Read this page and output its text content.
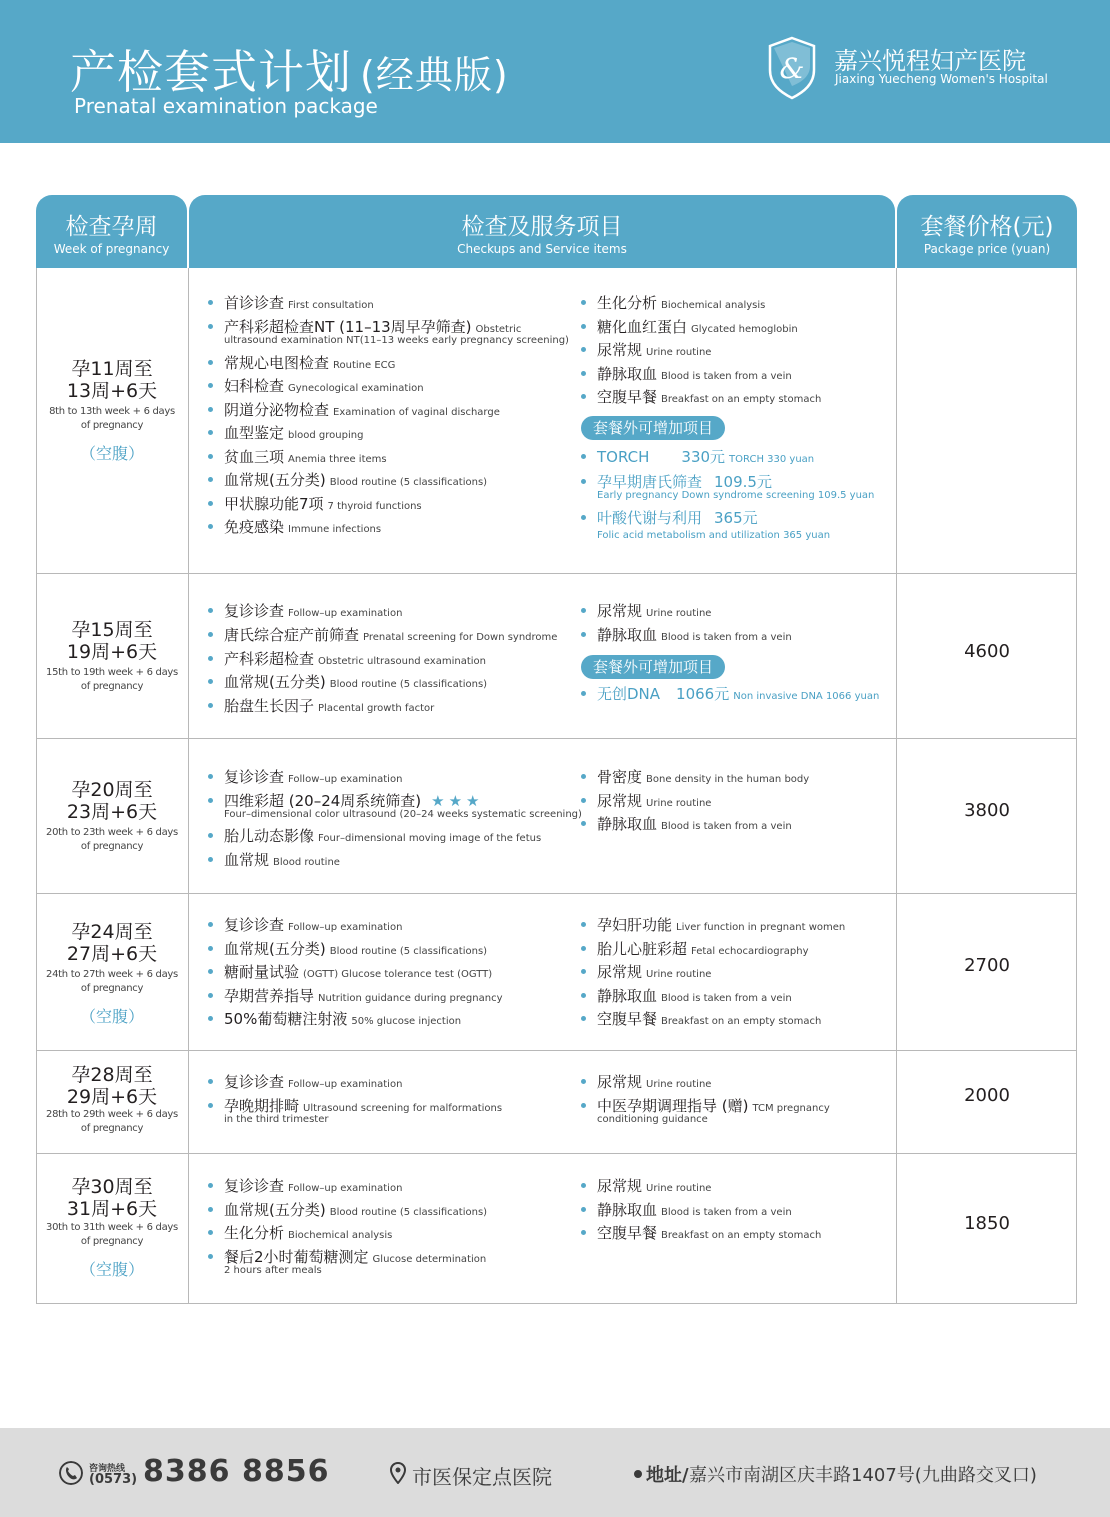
产检套式计划 (经典版)
Prenatal examination package
& 嘉兴悦程妇产医院
Jiaxing Yuecheng Women's Hospital
检查孕周
Week of pregnancy
检查及服务项目
Checkups and Service items
套餐价格(元)
Package price (yuan)
孕11周至
13周+6天
8th to 13th week + 6 days
of pregnancy
（空腹）
首诊诊查 First consultation
产科彩超检查NT (11–13周早孕筛查) Obstetric
ultrasound examination NT(11–13 weeks early pregnancy screening)
常规心电图检查 Routine ECG
妇科检查 Gynecological examination
阴道分泌物检查 Examination of vaginal discharge
血型鉴定 blood grouping
贫血三项 Anemia three items
血常规(五分类) Blood routine (5 classifications)
甲状腺功能7项 7 thyroid functions
免疫感染 Immune infections
生化分析 Biochemical analysis
糖化血红蛋白 Glycated hemoglobin
尿常规 Urine routine
静脉取血 Blood is taken from a vein
空腹早餐 Breakfast on an empty stomach
套餐外可增加项目
TORCH 330元 TORCH 330 yuan
孕早期唐氏筛查 109.5元
Early pregnancy Down syndrome screening 109.5 yuan
叶酸代谢与利用 365元
Folic acid metabolism and utilization 365 yuan
孕15周至
19周+6天
15th to 19th week + 6 days
of pregnancy
复诊诊查 Follow–up examination
唐氏综合症产前筛查 Prenatal screening for Down syndrome
产科彩超检查 Obstetric ultrasound examination
血常规(五分类) Blood routine (5 classifications)
胎盘生长因子 Placental growth factor
尿常规 Urine routine
静脉取血 Blood is taken from a vein
套餐外可增加项目
无创DNA 1066元 Non invasive DNA 1066 yuan
4600
孕20周至
23周+6天
20th to 23th week + 6 days
of pregnancy
复诊诊查 Follow–up examination
四维彩超 (20–24周系统筛查) ★★★
Four–dimensional color ultrasound (20–24 weeks systematic screening)
胎儿动态影像 Four–dimensional moving image of the fetus
血常规 Blood routine
骨密度 Bone density in the human body
尿常规 Urine routine
静脉取血 Blood is taken from a vein
3800
孕24周至
27周+6天
24th to 27th week + 6 days
of pregnancy
（空腹）
复诊诊查 Follow–up examination
血常规(五分类) Blood routine (5 classifications)
糖耐量试验 (OGTT) Glucose tolerance test (OGTT)
孕期营养指导 Nutrition guidance during pregnancy
50%葡萄糖注射液 50% glucose injection
孕妇肝功能 Liver function in pregnant women
胎儿心脏彩超 Fetal echocardiography
尿常规 Urine routine
静脉取血 Blood is taken from a vein
空腹早餐 Breakfast on an empty stomach
2700
孕28周至
29周+6天
28th to 29th week + 6 days
of pregnancy
复诊诊查 Follow–up examination
孕晚期排畸 Ultrasound screening for malformations
in the third trimester
尿常规 Urine routine
中医孕期调理指导 (赠) TCM pregnancy
conditioning guidance
2000
孕30周至
31周+6天
30th to 31th week + 6 days
of pregnancy
（空腹）
复诊诊查 Follow–up examination
血常规(五分类) Blood routine (5 classifications)
生化分析 Biochemical analysis
餐后2小时葡萄糖测定 Glucose determination
2 hours after meals
尿常规 Urine routine
静脉取血 Blood is taken from a vein
空腹早餐 Breakfast on an empty stomach
1850
咨询热线
(0573) 8386 8856	市医保定点医院	地址/ 嘉兴市南湖区庆丰路1407号(九曲路交叉口)
